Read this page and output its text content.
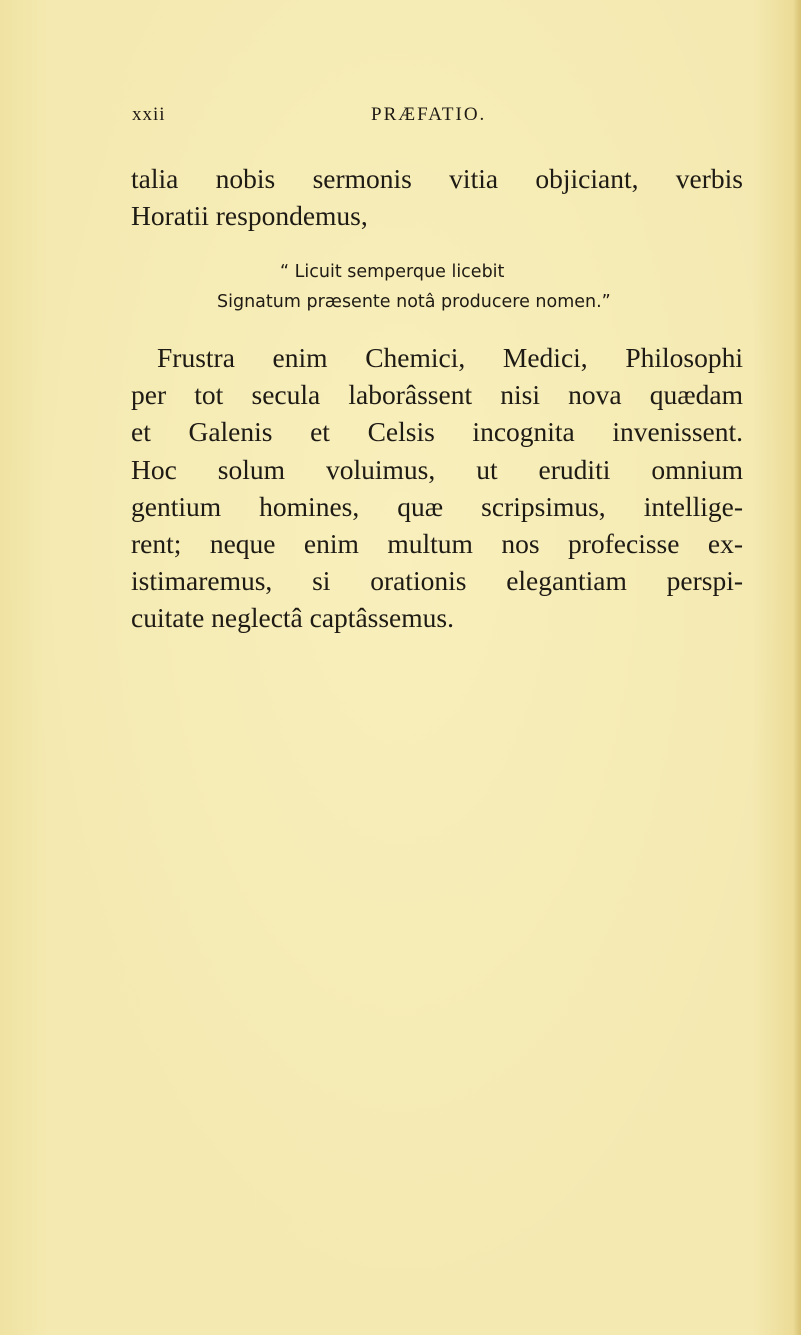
xxii	PRÆFATIO.
talia nobis sermonis vitia objiciant, verbis
Horatii respondemus,
“ Licuit semperque licebit
Signatum præsente notâ producere nomen.”
Frustra enim Chemici, Medici, Philosophi
per tot secula laborâssent nisi nova quædam
et Galenis et Celsis incognita invenissent.
Hoc solum voluimus, ut eruditi omnium
gentium homines, quæ scripsimus, intellige-
rent; neque enim multum nos profecisse ex-
istimaremus, si orationis elegantiam perspi-
cuitate neglectâ captâssemus.
